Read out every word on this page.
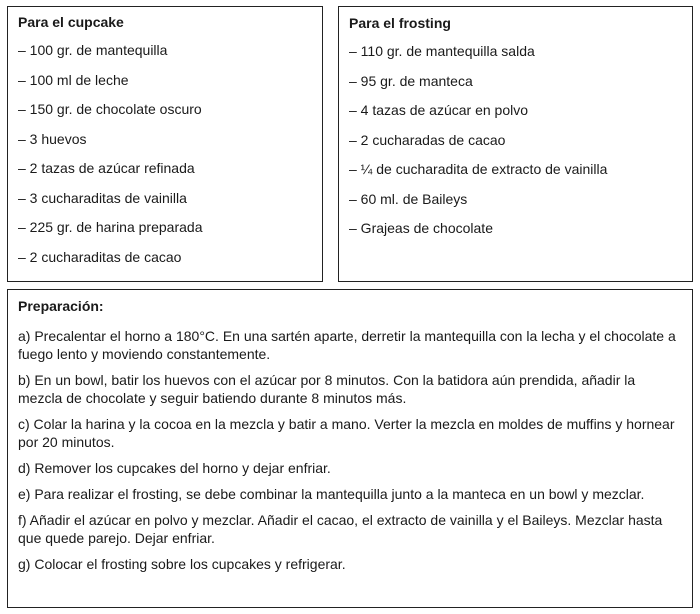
Para el cupcake
– 100 gr. de mantequilla
– 100 ml de leche
– 150 gr. de chocolate oscuro
– 3 huevos
– 2 tazas de azúcar refinada
– 3 cucharaditas de vainilla
– 225 gr. de harina preparada
– 2 cucharaditas de cacao
Para el frosting
– 110 gr. de mantequilla salda
– 95 gr. de manteca
– 4 tazas de azúcar en polvo
– 2 cucharadas de cacao
– ¼ de cucharadita de extracto de vainilla
– 60 ml. de Baileys
– Grajeas de chocolate
Preparación:

a) Precalentar el horno a 180°C. En una sartén aparte, derretir la mantequilla con la lecha y el chocolate a fuego lento y moviendo constantemente.

b) En un bowl, batir los huevos con el azúcar por 8 minutos. Con la batidora aún prendida, añadir la mezcla de chocolate y seguir batiendo durante 8 minutos más.

c) Colar la harina y la cocoa en la mezcla y batir a mano. Verter la mezcla en moldes de muffins y hornear por 20 minutos.

d) Remover los cupcakes del horno y dejar enfriar.

e) Para realizar el frosting, se debe combinar la mantequilla junto a la manteca en un bowl y mezclar.

f) Añadir el azúcar en polvo y mezclar. Añadir el cacao, el extracto de vainilla y el Baileys. Mezclar hasta que quede parejo. Dejar enfriar.

g) Colocar el frosting sobre los cupcakes y refrigerar.
